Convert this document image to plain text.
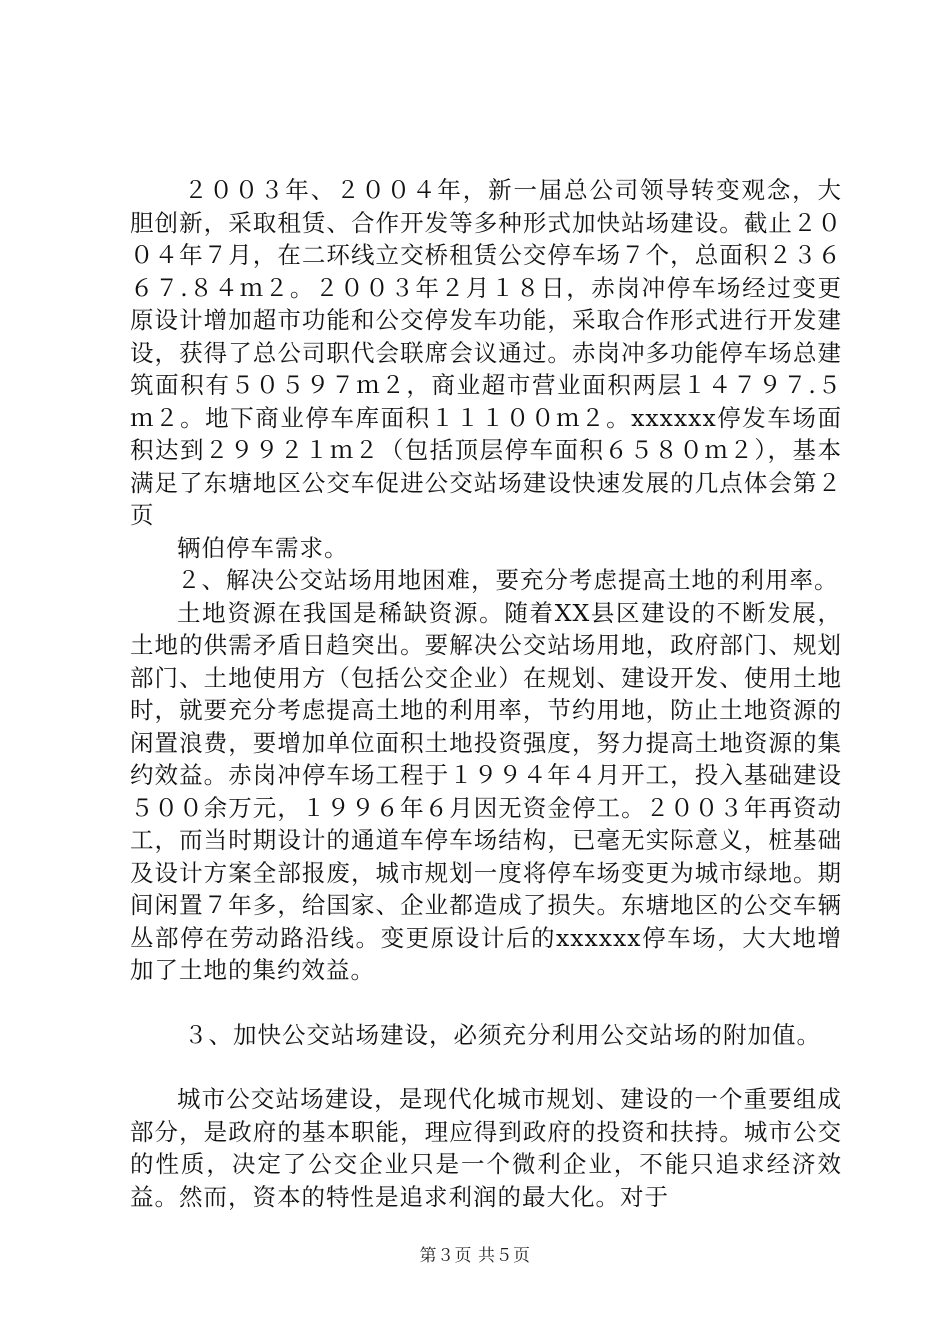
２００３年、２００４年，新一届总公司领导转变观念，大胆创新，采取租赁、合作开发等多种形式加快站场建设。截止２００４年７月，在二环线立交桥租赁公交停车场７个，总面积２３６６７.８４ｍ２。２００３年２月１８日，赤岗冲停车场经过变更原设计增加超市功能和公交停发车功能，采取合作形式进行开发建设，获得了总公司职代会联席会议通过。赤岗冲多功能停车场总建筑面积有５０５９７ｍ２，商业超市营业面积两层１４７９７.５ｍ２。地下商业停车库面积１１１００ｍ２。xxxxxx停发车场面积达到２９９２１ｍ２（包括顶层停车面积６５８０ｍ２），基本满足了东塘地区公交车促进公交站场建设快速发展的几点体会第２页

辆伯停车需求。

２、解决公交站场用地困难，要充分考虑提高土地的利用率。

土地资源在我国是稀缺资源。随着XX县区建设的不断发展，土地的供需矛盾日趋突出。要解决公交站场用地，政府部门、规划部门、土地使用方（包括公交企业）在规划、建设开发、使用土地时，就要充分考虑提高土地的利用率，节约用地，防止土地资源的闲置浪费，要增加单位面积土地投资强度，努力提高土地资源的集约效益。赤岗冲停车场工程于１９９４年４月开工，投入基础建设５００余万元，１９９６年６月因无资金停工。２００３年再资动工，而当时期设计的通道车停车场结构，已毫无实际意义，桩基础及设计方案全部报废，城市规划一度将停车场变更为城市绿地。期间闲置７年多，给国家、企业都造成了损失。东塘地区的公交车辆丛部停在劳动路沿线。变更原设计后的xxxxxx停车场，大大地增加了土地的集约效益。

３、加快公交站场建设，必须充分利用公交站场的附加值。

城市公交站场建设，是现代化城市规划、建设的一个重要组成部分，是政府的基本职能，理应得到政府的投资和扶持。城市公交的性质，决定了公交企业只是一个微利企业，不能只追求经济效益。然而，资本的特性是追求利润的最大化。对于

第３页 共５页
